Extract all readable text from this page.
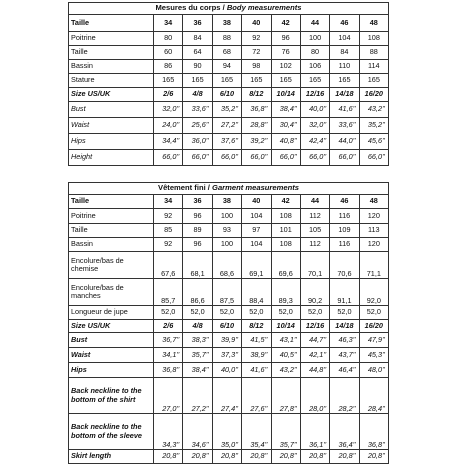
Mesures du corps / Body measurements								
Taille	34	36	38	40	42	44	46	48
Poitrine	80	84	88	92	96	100	104	108
Taille	60	64	68	72	76	80	84	88
Bassin	86	90	94	98	102	106	110	114
Stature	165	165	165	165	165	165	165	165
Size US/UK	2/6	4/8	6/10	8/12	10/14	12/16	14/18	16/20
Bust	32,0’’	33,6’’	35,2’’	36,8’’	38,4’’	40,0’’	41,6’’	43,2’’
Waist	24,0’’	25,6’’	27,2’’	28,8’’	30,4’’	32,0’’	33,6’’	35,2’’
Hips	34,4’’	36,0’’	37,6’’	39,2’’	40,8’’	42,4’’	44,0’’	45,6’’
Height	66,0’’	66,0’’	66,0’’	66,0’’	66,0’’	66,0’’	66,0’’	66,0’’
Vêtement fini / Garment measurements								
Taille	34	36	38	40	42	44	46	48
Poitrine	92	96	100	104	108	112	116	120
Taille	85	89	93	97	101	105	109	113
Bassin	92	96	100	104	108	112	116	120
Encolure/bas de chemise	67,6	68,1	68,6	69,1	69,6	70,1	70,6	71,1
Encolure/bas de manches	85,7	86,6	87,5	88,4	89,3	90,2	91,1	92,0
Longueur de jupe	52,0	52,0	52,0	52,0	52,0	52,0	52,0	52,0
Size US/UK	2/6	4/8	6/10	8/12	10/14	12/16	14/18	16/20
Bust	36,7’’	38,3’’	39,9’’	41,5’’	43,1’’	44,7’’	46,3’’	47,9’’
Waist	34,1’’	35,7’’	37,3’’	38,9’’	40,5’’	42,1’’	43,7’’	45,3’’
Hips	36,8’’	38,4’’	40,0’’	41,6’’	43,2’’	44,8’’	46,4’’	48,0’’
Back neckline to the bottom of the shirt	27,0’’	27,2’’	27,4’’	27,6’’	27,8’’	28,0’’	28,2’’	28,4’’
Back neckline to the bottom of the sleeve	34,3’’	34,6’’	35,0’’	35,4’’	35,7’’	36,1’’	36,4’’	36,8’’
Skirt length	20,8’’	20,8’’	20,8’’	20,8’’	20,8’’	20,8’’	20,8’’	20,8’’
